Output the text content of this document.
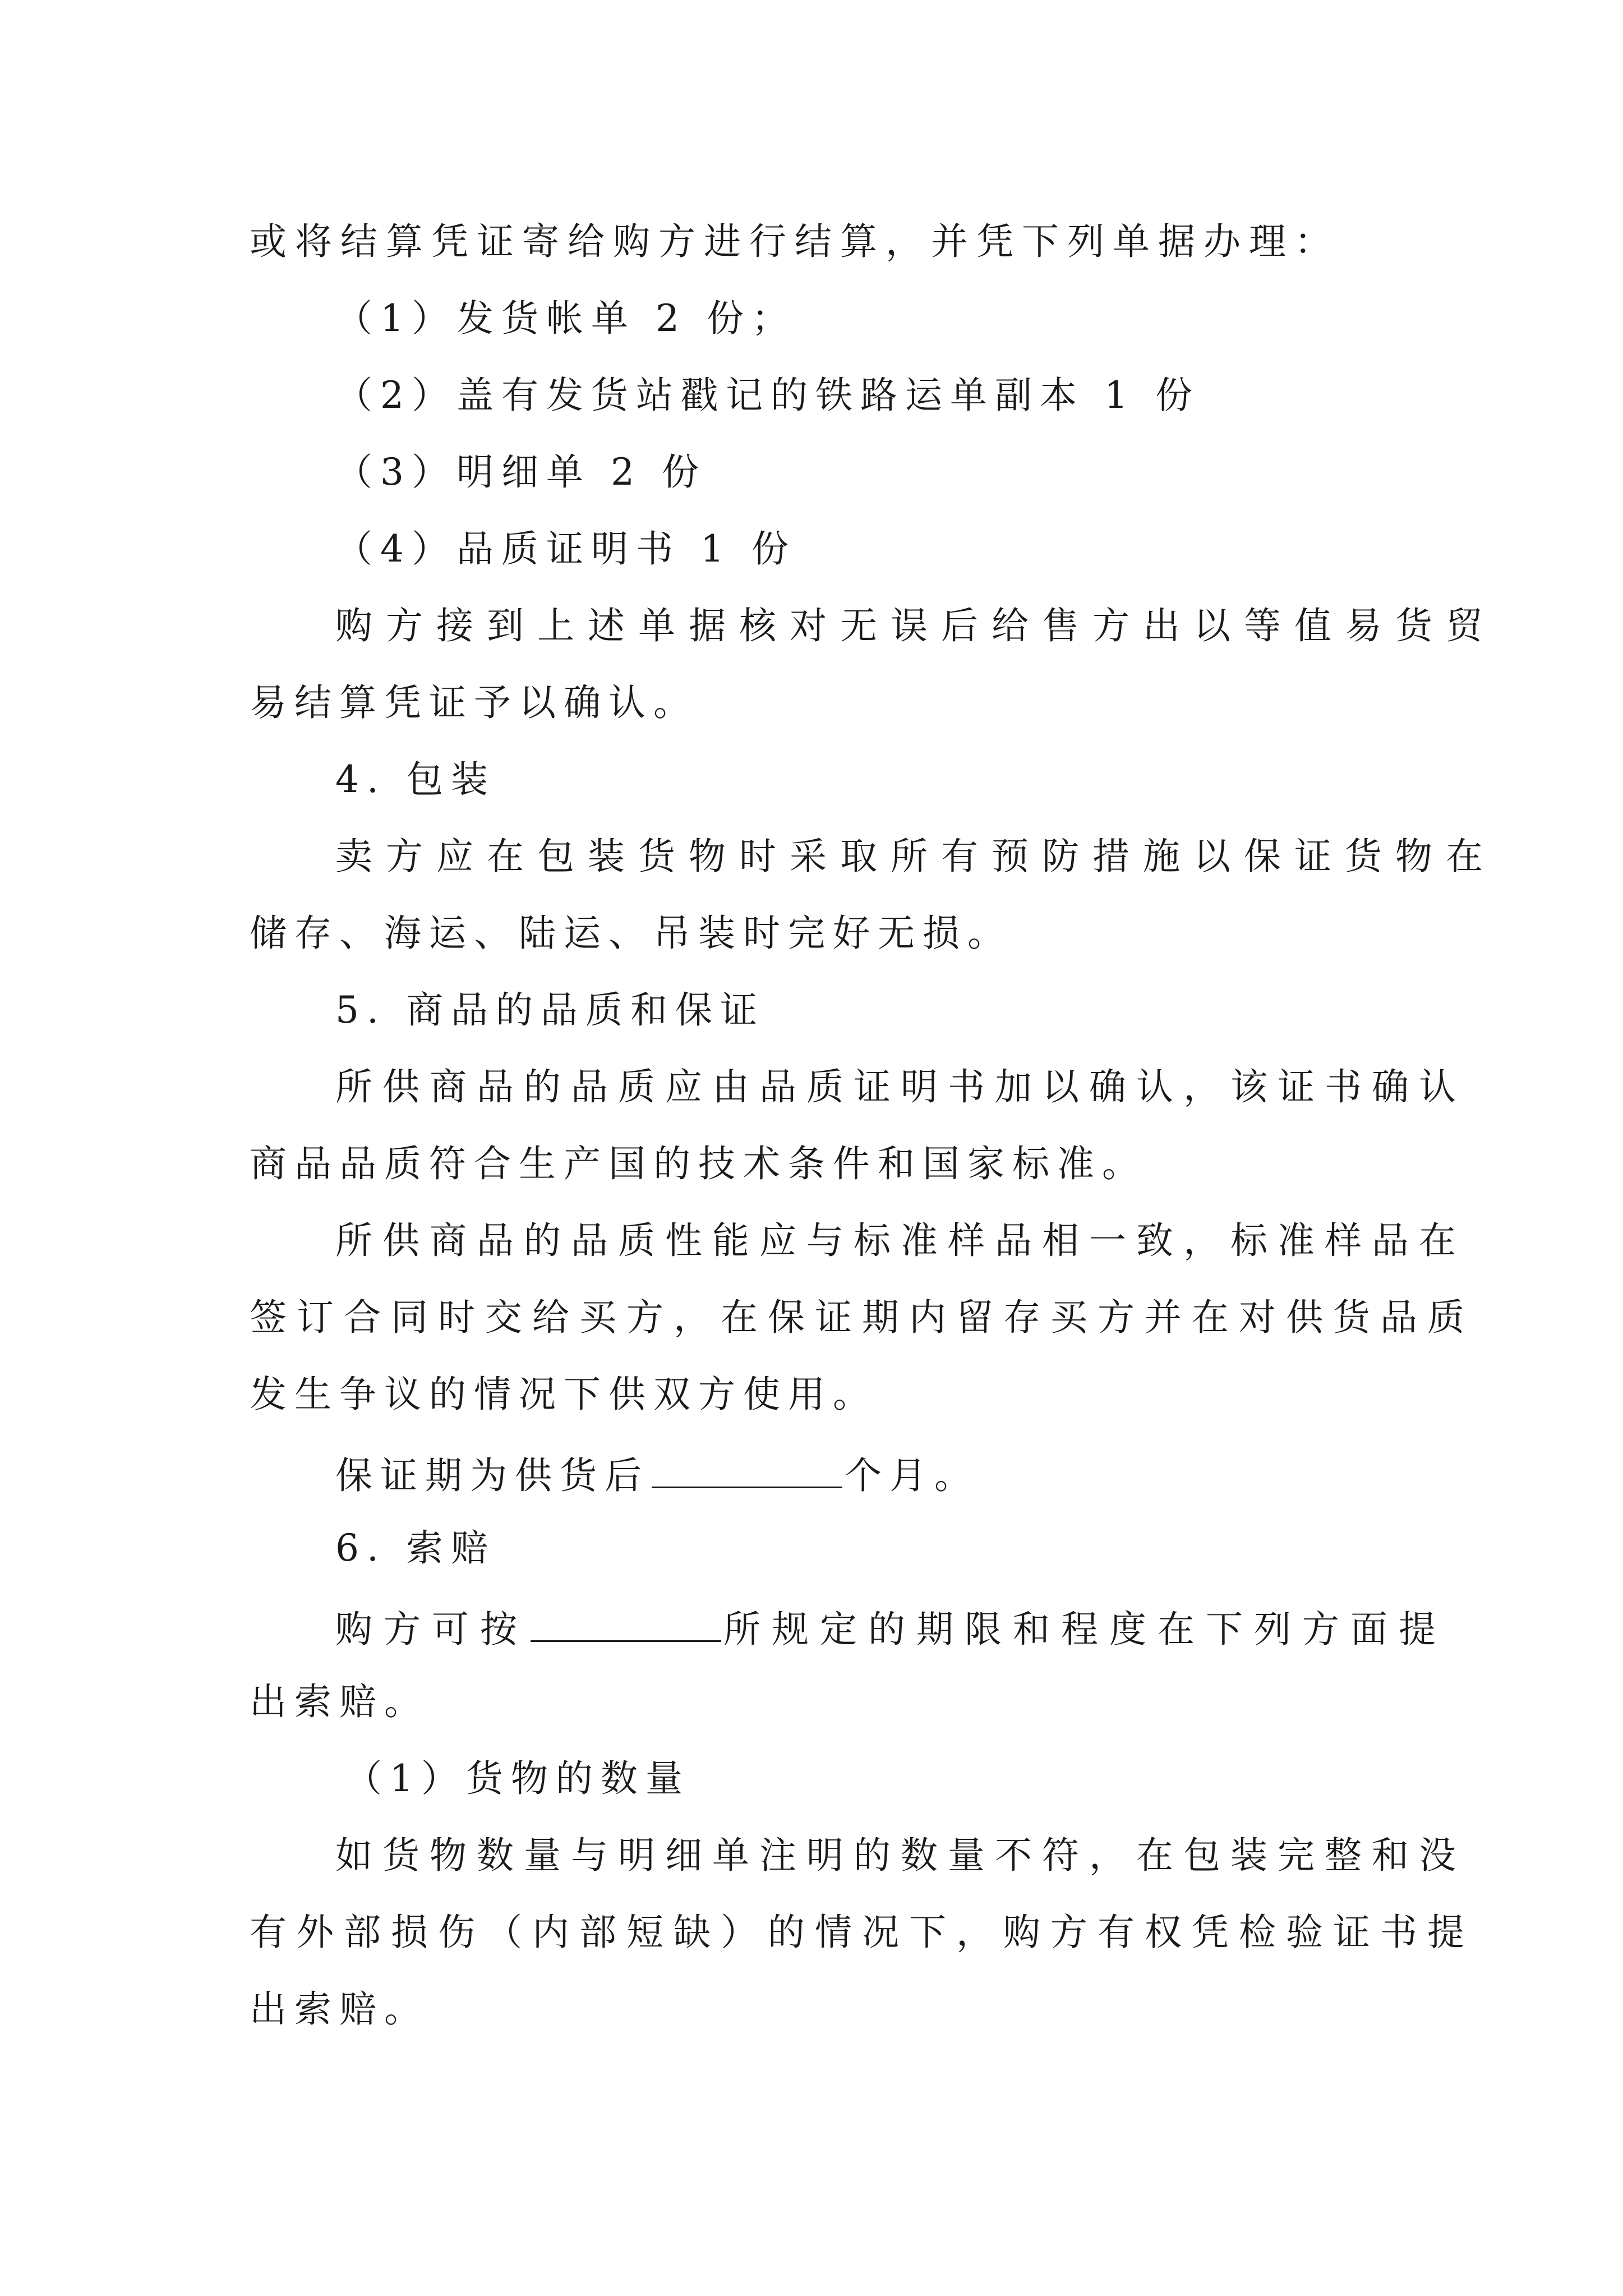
或将结算凭证寄给购方进行结算，并凭下列单据办理：
（1）发货帐单 2 份；
（2）盖有发货站戳记的铁路运单副本 1 份
（3）明细单 2 份
（4）品质证明书 1 份
购方接到上述单据核对无误后给售方出以等值易货贸
易结算凭证予以确认。
4. 包装
卖方应在包装货物时采取所有预防措施以保证货物在
储存、海运、陆运、吊装时完好无损。
5. 商品的品质和保证
所供商品的品质应由品质证明书加以确认，该证书确认
商品品质符合生产国的技术条件和国家标准。
所供商品的品质性能应与标准样品相一致，标准样品在
签订合同时交给买方，在保证期内留存买方并在对供货品质
发生争议的情况下供双方使用。
保证期为供货后	个月。
6. 索赔
购方可按	所规定的期限和程度在下列方面提
出索赔。
（1）货物的数量
如货物数量与明细单注明的数量不符，在包装完整和没
有外部损伤（内部短缺）的情况下，购方有权凭检验证书提
出索赔。
